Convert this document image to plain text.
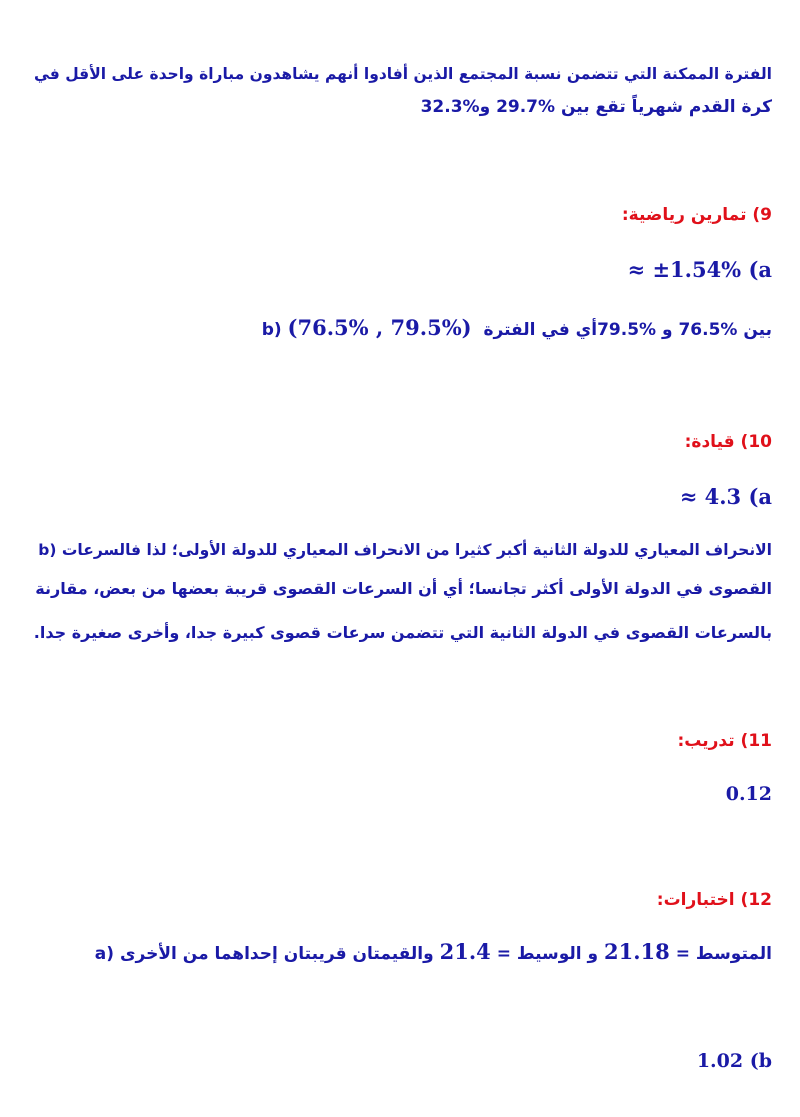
الفترة الممكنة التي تتضمن نسبة المجتمع الذين أفادوا أنهم يشاهدون مباراة واحدة على الأقل في
كرة القدم شهرياً تقع بين %29.7 و%32.3
9) تمارين رياضية:
≈ ±1.54% (a
b) بين %76.5 و %79.5أي في الفترة (%79.5 , %76.5)
10) قيادة:
≈ 4.3 (a
b) الانحراف المعياري للدولة الثانية أكبر كثيرا من الانحراف المعياري للدولة الأولى؛ لذا فالسرعات
القصوى في الدولة الأولى أكثر تجانسا؛ أي أن السرعات القصوى قريبة بعضها من بعض، مقارنة
بالسرعات القصوى في الدولة الثانية التي تتضمن سرعات قصوى كبيرة جدا، وأخرى صغيرة جدا.
11) تدريب:
0.12
12) اختبارات:
a) المتوسط = 21.18 و الوسيط = 21.4 والقيمتان قريبتان إحداهما من الأخرى
1.02 (b
